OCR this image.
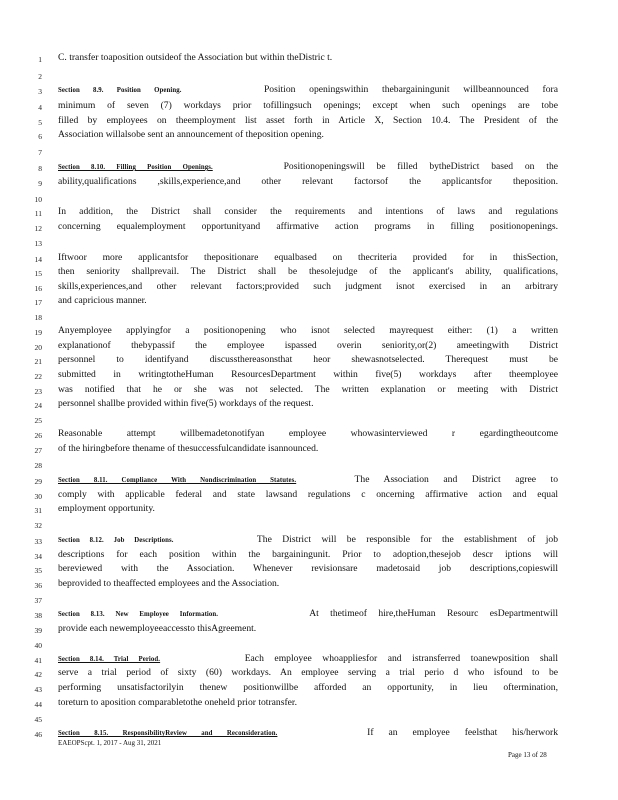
1
2
3
4
5
6
7
8
9
10
11
12
13
14
15
16
17
18
19
20
21
22
23
24
25
26
27
28
29
30
31
32
33
34
35
36
37
38
39
40
41
42
43
44
45
46
C. transfer toaposition outsideof the Association but within theDistric t.
Section 8.9. Position Opening.	Position openingswithin thebargainingunit willbeannounced fora
minimum of seven (7) workdays prior tofillingsuch openings; except when such openings are tobe
filled by employees on theemployment list asset forth in Article X, Section 10.4. The President of the
Association willalsobe sent an announcement of theposition opening.
Section 8.10. Filling Position Openings.	Positionopeningswill be filled bytheDistrict based on the
ability,qualifications ,skills,experience,and other relevant factorsof the applicantsfor theposition.
In addition, the District shall consider the requirements and intentions of laws and regulations
concerning equalemployment opportunityand affirmative action programs in filling positionopenings.
Iftwoor more applicantsfor thepositionare equalbased on thecriteria provided for in thisSection,
then seniority shallprevail. The District shall be thesolejudge of the applicant's ability, qualifications,
skills,experiences,and other relevant factors;provided such judgment isnot exercised in an arbitrary
and capricious manner.
Anyemployee applyingfor a positionopening who isnot selected mayrequest either: (1) a written
explanationof thebypassif the employee ispassed overin seniority,or(2) ameetingwith District
personnel to identifyand discussthereasonsthat heor shewasnotselected. Therequest must be
submitted in writingtotheHuman ResourcesDepartment within five(5) workdays after theemployee
was notified that he or she was not selected. The written explanation or meeting with District
personnel shallbe provided within five(5) workdays of the request.
Reasonable attempt willbemadetonotifyan employee whowasinterviewed r egardingtheoutcome
of the hiringbefore thename of thesuccessfulcandidate isannounced.
Section 8.11. Compliance With Nondiscrimination Statutes.	The Association and District agree to
comply with applicable federal and state lawsand regulations c oncerning affirmative action and equal
employment opportunity.
Section 8.12. Job Descriptions.	The District will be responsible for the establishment of job
descriptions for each position within the bargainingunit. Prior to adoption,thesejob descr iptions will
bereviewed with the Association. Whenever revisionsare madetosaid job descriptions,copieswill
beprovided to theaffected employees and the Association.
Section 8.13. New Employee Information.	At thetimeof hire,theHuman Resourc esDepartmentwill
provide each newemployeeaccessto thisAgreement.
Section 8.14. Trial Period.	Each employee whoappliesfor and istransferred toanewposition shall
serve a trial period of sixty (60) workdays. An employee serving a trial perio d who isfound to be
performing unsatisfactorilyin thenew positionwillbe afforded an opportunity, in lieu oftermination,
toreturn to aposition comparabletothe oneheld prior totransfer.
Section 8.15. ResponsibilityReview and Reconsideration.	If an employee feelsthat his/herwork
EAEOPScpt. 1, 2017 - Aug 31, 2021
Page 13 of 28
